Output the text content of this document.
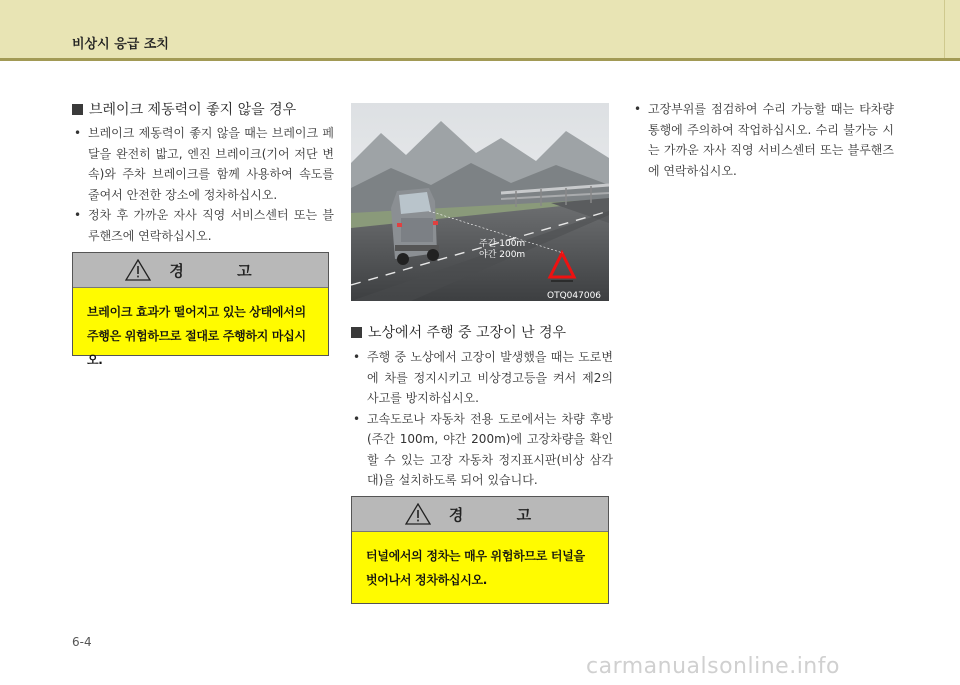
비상시 응급 조치
브레이크 제동력이 좋지 않을 경우
• 브레이크 제동력이 좋지 않을 때는 브레이크 페달을 완전히 밟고, 엔진 브레이크(기어 저단 변속)와 주차 브레이크를 함께 사용하여 속도를 줄여서 안전한 장소에 정차하십시오.
• 정차 후 가까운 자사 직영 서비스센터 또는 블루핸즈에 연락하십시오.
경 고
브레이크 효과가 떨어지고 있는 상태에서의 주행은 위험하므로 절대로 주행하지 마십시오.
주간 100m
야간 200m
OTQ047006
노상에서 주행 중 고장이 난 경우
• 주행 중 노상에서 고장이 발생했을 때는 도로변에 차를 정지시키고 비상경고등을 켜서 제2의 사고를 방지하십시오.
• 고속도로나 자동차 전용 도로에서는 차량 후방(주간 100m, 야간 200m)에 고장차량을 확인할 수 있는 고장 자동차 정지표시판(비상 삼각대)을 설치하도록 되어 있습니다.
경 고
터널에서의 정차는 매우 위험하므로 터널을 벗어나서 정차하십시오.
• 고장부위를 점검하여 수리 가능할 때는 타차량 통행에 주의하여 작업하십시오. 수리 불가능 시는 가까운 자사 직영 서비스센터 또는 블루핸즈에 연락하십시오.
6-4
carmanualsonline.info
